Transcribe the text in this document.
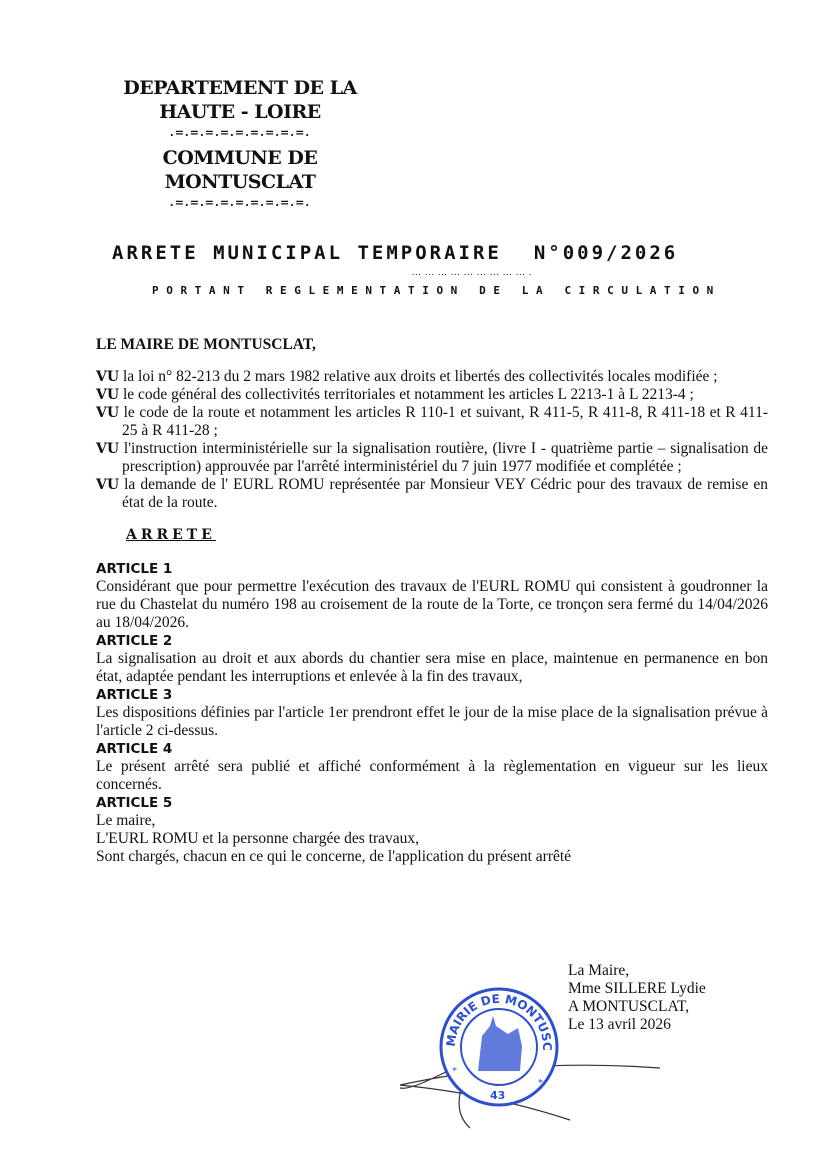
DEPARTEMENT DE LA
HAUTE - LOIRE
.=.=.=.=.=.=.=.=.=.
COMMUNE DE
MONTUSCLAT
.=.=.=.=.=.=.=.=.=.
ARRETE MUNICIPAL TEMPORAIRE N°009/2026
... ... ... ... ... ... ... ... ... .
PORTANT REGLEMENTATION DE LA CIRCULATION
LE MAIRE DE MONTUSCLAT,
VU la loi n° 82-213 du 2 mars 1982 relative aux droits et libertés des collectivités locales modifiée ;
VU le code général des collectivités territoriales et notamment les articles L 2213-1 à L 2213-4 ;
VU le code de la route et notamment les articles R 110-1 et suivant, R 411-5, R 411-8, R 411-18 et R 411-25 à R 411-28 ;
VU l'instruction interministérielle sur la signalisation routière, (livre I - quatrième partie – signalisation de prescription) approuvée par l'arrêté interministériel du 7 juin 1977 modifiée et complétée ;
VU la demande de l' EURL ROMU représentée par Monsieur VEY Cédric pour des travaux de remise en état de la route.
ARRETE
ARTICLE 1

Considérant que pour permettre l'exécution des travaux de l'EURL ROMU qui consistent à goudronner la rue du Chastelat du numéro 198 au croisement de la route de la Torte, ce tronçon sera fermé du 14/04/2026 au 18/04/2026.

ARTICLE 2

La signalisation au droit et aux abords du chantier sera mise en place, maintenue en permanence en bon état, adaptée pendant les interruptions et enlevée à la fin des travaux,

ARTICLE 3

Les dispositions définies par l'article 1er prendront effet le jour de la mise place de la signalisation prévue à l'article 2 ci-dessus.

ARTICLE 4

Le présent arrêté sera publié et affiché conformément à la règlementation en vigueur sur les lieux concernés.

ARTICLE 5

Le maire,

L'EURL ROMU et la personne chargée des travaux,

Sont chargés, chacun en ce qui le concerne, de l'application du présent arrêté

MAIRIE DE MONTUSC
43
*
*
La Maire,
Mme SILLERE Lydie
A MONTUSCLAT,
Le 13 avril 2026
